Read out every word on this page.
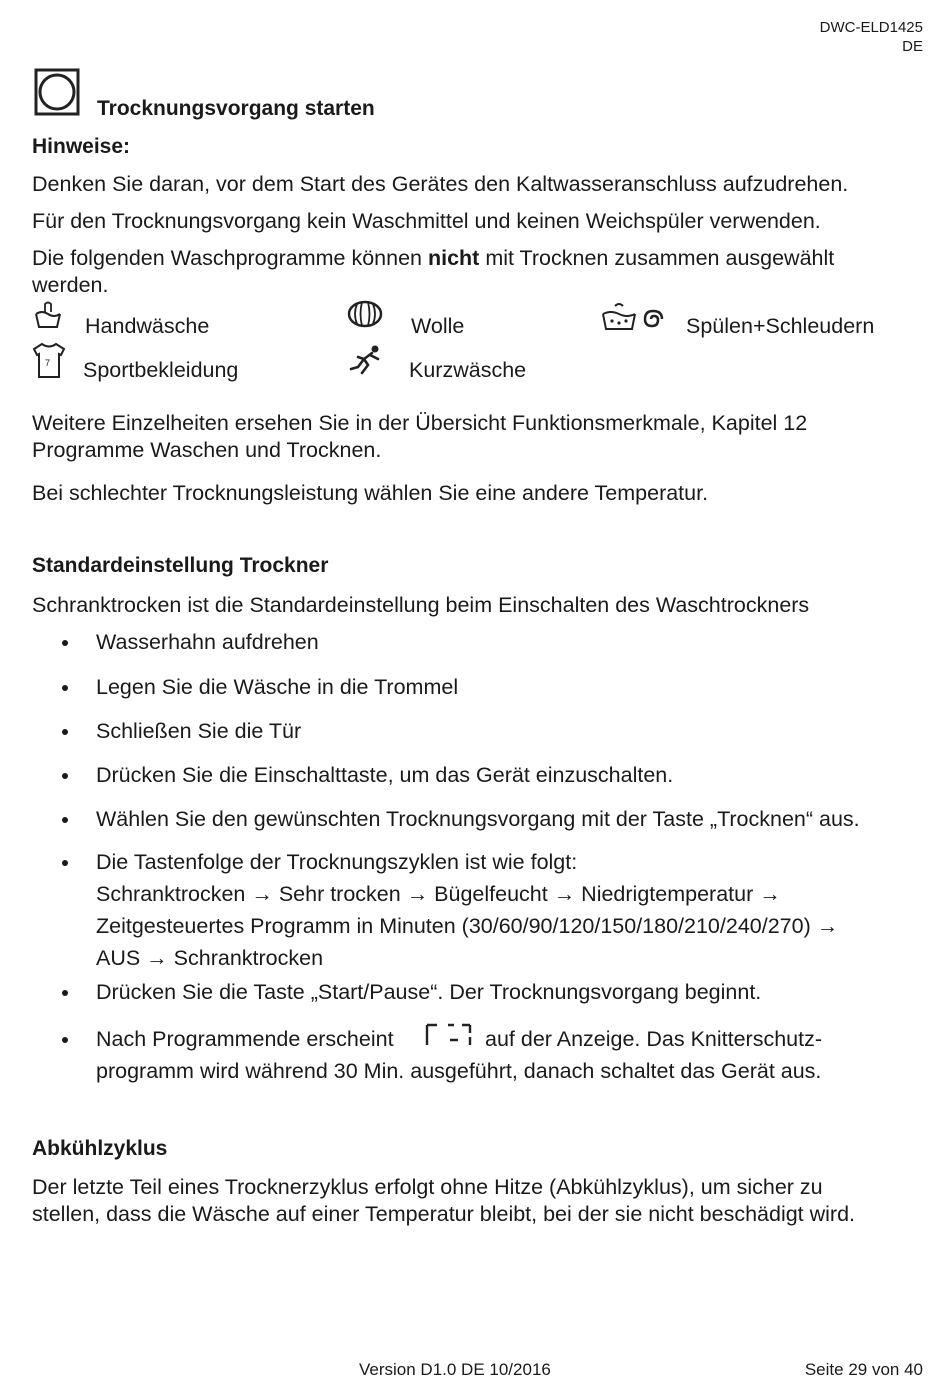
DWC-ELD1425
DE
Trocknungsvorgang starten
Hinweise:
Denken Sie daran, vor dem Start des Gerätes den Kaltwasseranschluss aufzudrehen.
Für den Trocknungsvorgang kein Waschmittel und keinen Weichspüler verwenden.
Die folgenden Waschprogramme können nicht mit Trocknen zusammen ausgewählt
werden.
Handwäsche	Wolle	Spülen+Schleudern
7 Sportbekleidung	Kurzwäsche
Weitere Einzelheiten ersehen Sie in der Übersicht Funktionsmerkmale, Kapitel 12
Programme Waschen und Trocknen.
Bei schlechter Trocknungsleistung wählen Sie eine andere Temperatur.
Standardeinstellung Trockner
Schranktrocken ist die Standardeinstellung beim Einschalten des Waschtrockners
Wasserhahn aufdrehen
Legen Sie die Wäsche in die Trommel
Schließen Sie die Tür
Drücken Sie die Einschalttaste, um das Gerät einzuschalten.
Wählen Sie den gewünschten Trocknungsvorgang mit der Taste „Trocknen“ aus.
Die Tastenfolge der Trocknungszyklen ist wie folgt:
Schranktrocken → Sehr trocken → Bügelfeucht → Niedrigtemperatur →
Zeitgesteuertes Programm in Minuten (30/60/90/120/150/180/210/240/270) →
AUS → Schranktrocken
Drücken Sie die Taste „Start/Pause“. Der Trocknungsvorgang beginnt.
Nach Programmende erscheint	auf der Anzeige. Das Knitterschutz-
programm wird während 30 Min. ausgeführt, danach schaltet das Gerät aus.
Abkühlzyklus
Der letzte Teil eines Trocknerzyklus erfolgt ohne Hitze (Abkühlzyklus), um sicher zu
stellen, dass die Wäsche auf einer Temperatur bleibt, bei der sie nicht beschädigt wird.
Version D1.0 DE 10/2016	Seite 29 von 40
